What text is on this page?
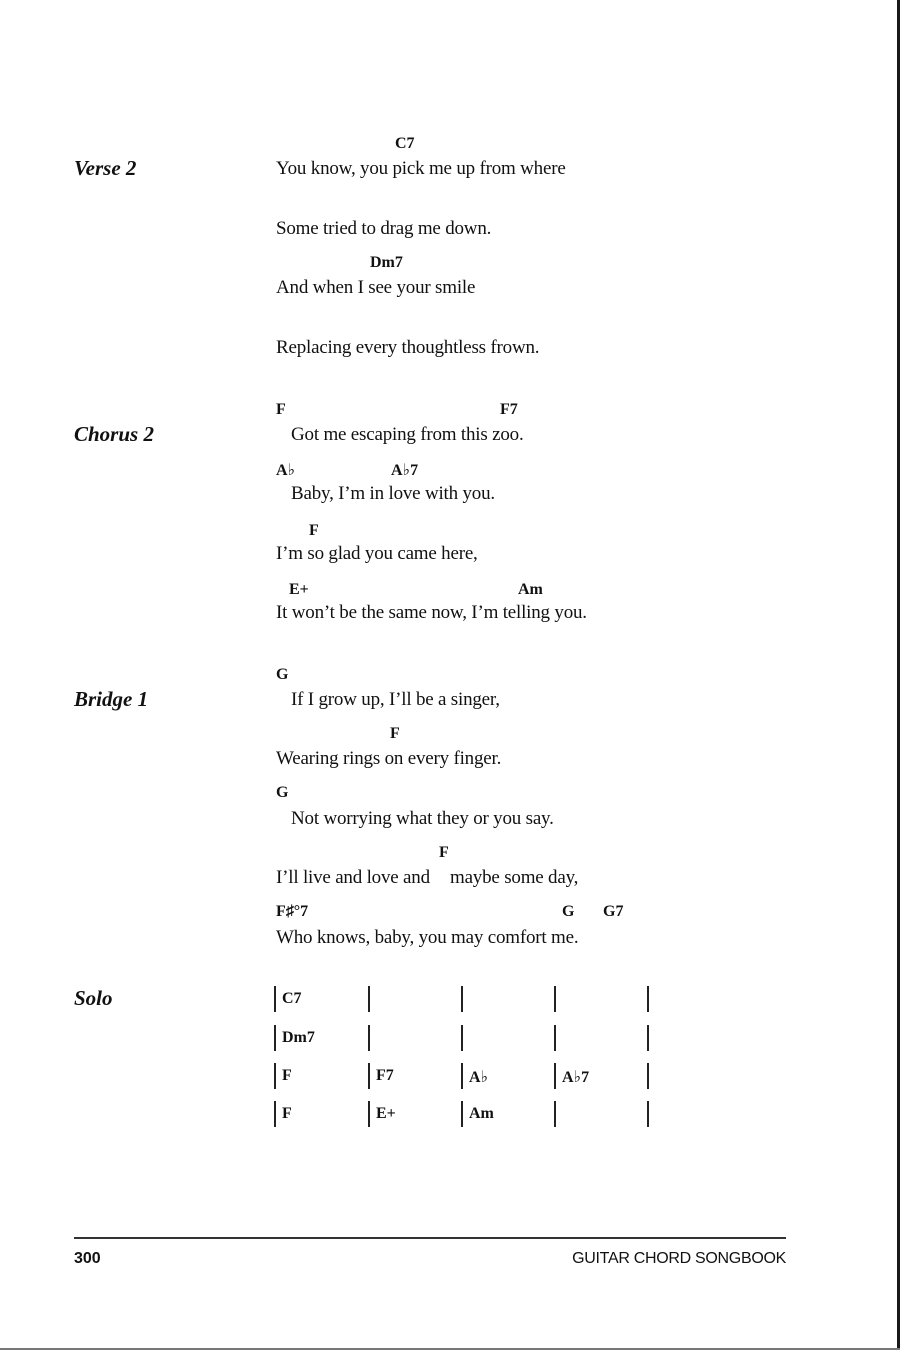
Verse 2
Chorus 2
Bridge 1
Solo
C7
You know, you pick me up from where
Some tried to drag me down.
Dm7
And when I see your smile
Replacing every thoughtless frown.
F	F7
Got me escaping from this zoo.
A♭	A♭7
Baby, I’m in love with you.
F
I’m so glad you came here,
E+	Am
It won’t be the same now, I’m telling you.
G
If I grow up, I’ll be a singer,
F
Wearing rings on every finger.
G
Not worrying what they or you say.
F
I’ll live and love and maybe some day,
F♯°7	G G7
Who knows, baby, you may comfort me.
C7
Dm7
F	F7	A♭	A♭7
F	E+	Am
300	GUITAR CHORD SONGBOOK
